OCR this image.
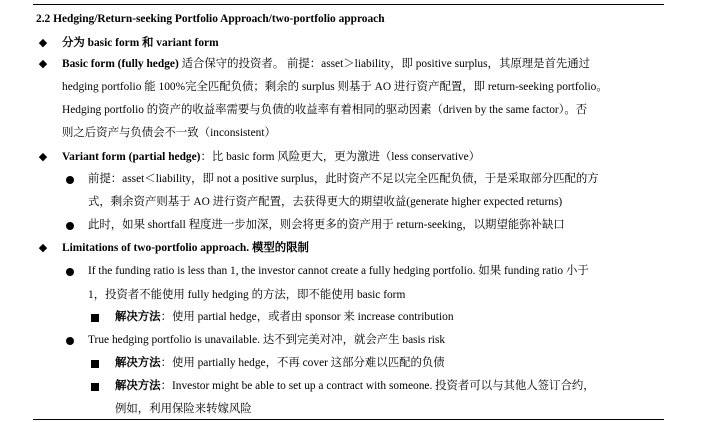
2.2 Hedging/Return-seeking Portfolio Approach/two-portfolio approach
◆ 分为 basic form 和 variant form
◆ Basic form (fully hedge) 适合保守的投资者。 前提：asset＞liability，即 positive surplus，其原理是首先通过
hedging portfolio 能 100%完全匹配负债；剩余的 surplus 则基于 AO 进行资产配置，即 return-seeking portfolio。
Hedging portfolio 的资产的收益率需要与负债的收益率有着相同的驱动因素（driven by the same factor）。否
则之后资产与负债会不一致（inconsistent）
◆ Variant form (partial hedge)：比 basic form 风险更大，更为激进（less conservative）
前提：asset＜liability，即 not a positive surplus，此时资产不足以完全匹配负债，于是采取部分匹配的方
式，剩余资产则基于 AO 进行资产配置，去获得更大的期望收益(generate higher expected returns)
此时，如果 shortfall 程度进一步加深，则会将更多的资产用于 return-seeking，以期望能弥补缺口
◆ Limitations of two-portfolio approach. 模型的限制
If the funding ratio is less than 1, the investor cannot create a fully hedging portfolio. 如果 funding ratio 小于
1，投资者不能使用 fully hedging 的方法，即不能使用 basic form
解决方法：使用 partial hedge，或者由 sponsor 来 increase contribution
True hedging portfolio is unavailable. 达不到完美对冲，就会产生 basis risk
解决方法：使用 partially hedge，不再 cover 这部分难以匹配的负债
解决方法：Investor might be able to set up a contract with someone. 投资者可以与其他人签订合约，
例如，利用保险来转嫁风险
